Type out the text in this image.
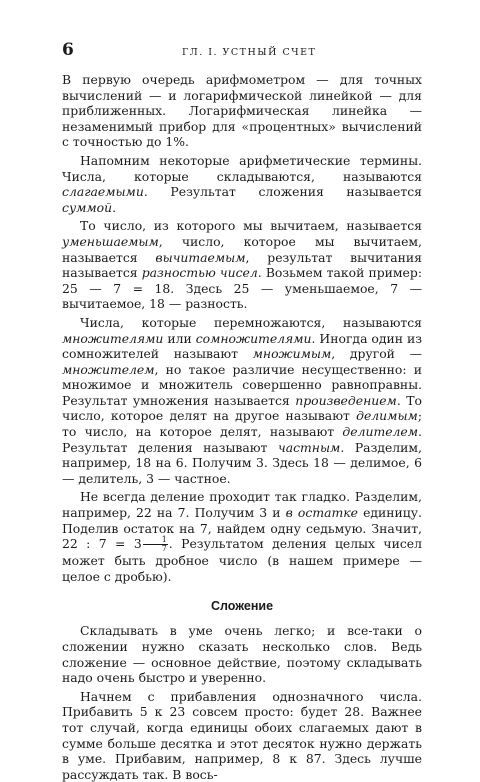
6	ГЛ. I. УСТНЫЙ СЧЕТ

В первую очередь арифмометром — для точных вычислений — и логарифмической линейкой — для приближенных. Логарифмическая линейка — незаменимый прибор для «процентных» вычислений с точностью до 1%.

Напомним некоторые арифметические термины. Числа, которые складываются, называются слагаемыми. Результат сложения называется суммой.

То число, из которого мы вычитаем, называется уменьшаемым, число, которое мы вычитаем, называется вычитаемым, результат вычитания называется разностью чисел. Возьмем такой пример: 25 — 7 = 18. Здесь 25 — уменьшаемое, 7 — вычитаемое, 18 — разность.

Числа, которые перемножаются, называются множителями или сомножителями. Иногда один из сомножителей называют множимым, другой — множителем, но такое различие несущественно: и множимое и множитель совершенно равноправны. Результат умножения называется произведением. То число, которое делят на другое называют делимым; то число, на которое делят, называют делителем. Результат деления называют частным. Разделим, например, 18 на 6. Получим 3. Здесь 18 — делимое, 6 — делитель, 3 — частное.

Не всегда деление проходит так гладко. Разделим, например, 22 на 7. Получим 3 и в остатке единицу. Поделив остаток на 7, найдем одну седьмую. Значит, 22 : $7 = 3 \frac{1}{7}$ . Результатом деления целых чисел может быть дробное число (в нашем примере — целое с дробью).

Сложение

Складывать в уме очень легко; и все-таки о сложении нужно сказать несколько слов. Ведь сложение — основное действие, поэтому складывать надо очень быстро и уверенно.

Начнем с прибавления однозначного числа. Прибавить 5 к 23 совсем просто: будет 28. Важнее тот случай, когда единицы обоих слагаемых дают в сумме больше десятка и этот десяток нужно держать в уме. Прибавим, например, 8 к 87. Здесь лучше рассуждать так. В вось-
